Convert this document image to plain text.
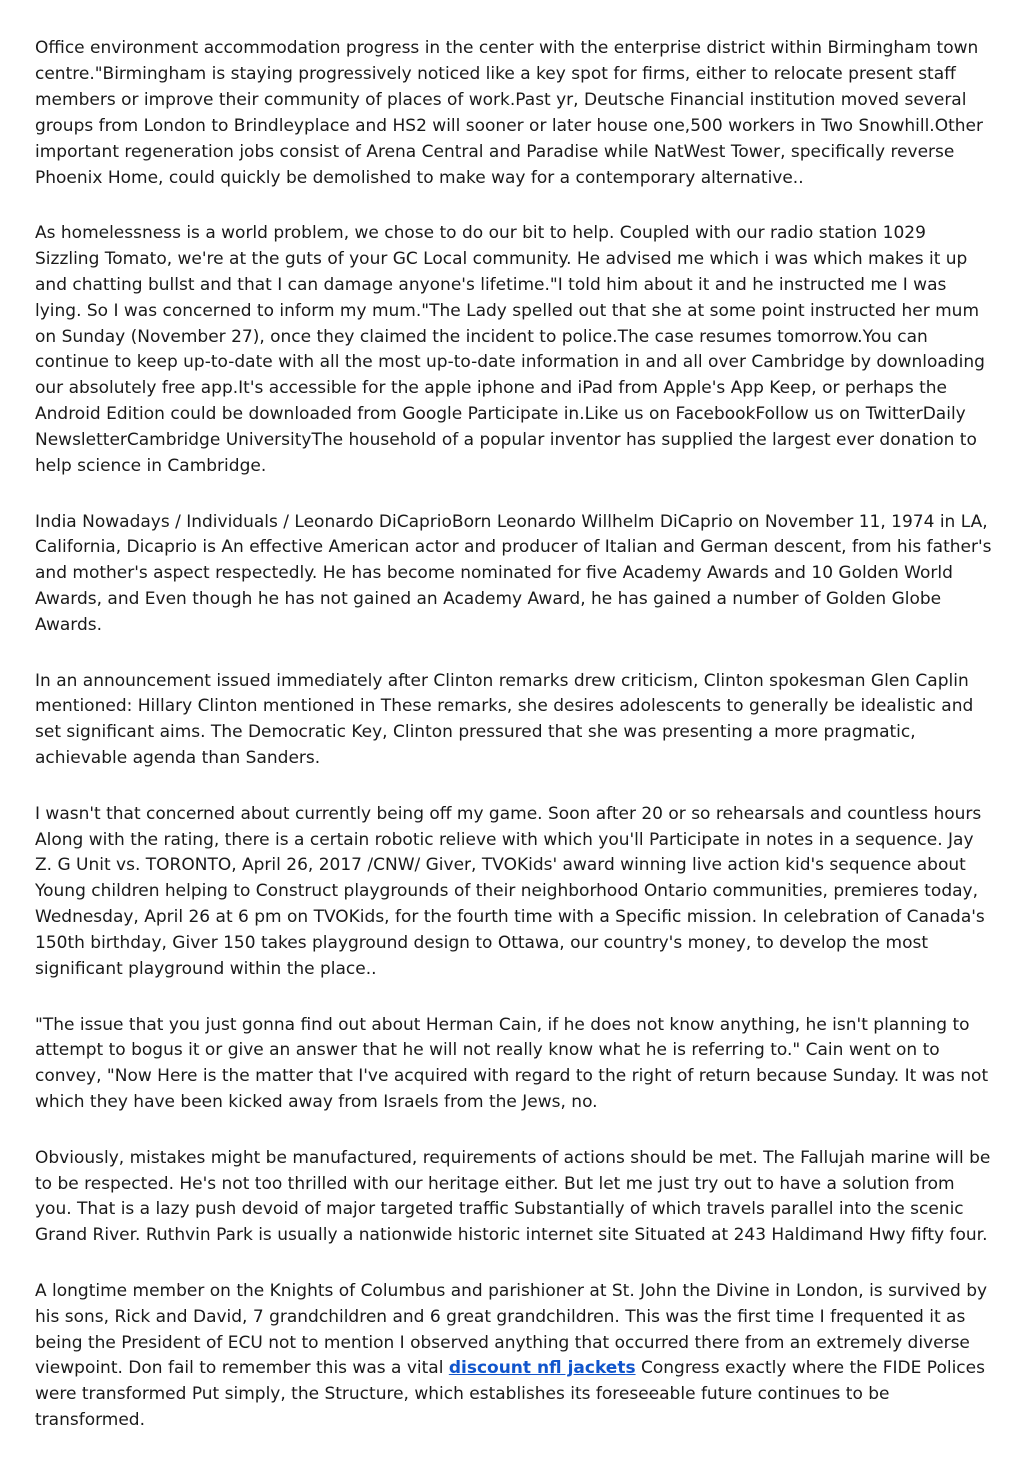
Office environment accommodation progress in the center with the enterprise district within Birmingham town centre."Birmingham is staying progressively noticed like a key spot for firms, either to relocate present staff members or improve their community of places of work.Past yr, Deutsche Financial institution moved several groups from London to Brindleyplace and HS2 will sooner or later house one,500 workers in Two Snowhill.Other important regeneration jobs consist of Arena Central and Paradise while NatWest Tower, specifically reverse Phoenix Home, could quickly be demolished to make way for a contemporary alternative..

As homelessness is a world problem, we chose to do our bit to help. Coupled with our radio station 1029 Sizzling Tomato, we're at the guts of your GC Local community. He advised me which i was which makes it up and chatting bullst and that I can damage anyone's lifetime."I told him about it and he instructed me I was lying. So I was concerned to inform my mum."The Lady spelled out that she at some point instructed her mum on Sunday (November 27), once they claimed the incident to police.The case resumes tomorrow.You can continue to keep up-to-date with all the most up-to-date information in and all over Cambridge by downloading our absolutely free app.It's accessible for the apple iphone and iPad from Apple's App Keep, or perhaps the Android Edition could be downloaded from Google Participate in.Like us on FacebookFollow us on TwitterDaily NewsletterCambridge UniversityThe household of a popular inventor has supplied the largest ever donation to help science in Cambridge.

India Nowadays / Individuals / Leonardo DiCaprioBorn Leonardo Willhelm DiCaprio on November 11, 1974 in LA, California, Dicaprio is An effective American actor and producer of Italian and German descent, from his father's and mother's aspect respectedly. He has become nominated for five Academy Awards and 10 Golden World Awards, and Even though he has not gained an Academy Award, he has gained a number of Golden Globe Awards.

In an announcement issued immediately after Clinton remarks drew criticism, Clinton spokesman Glen Caplin mentioned: Hillary Clinton mentioned in These remarks, she desires adolescents to generally be idealistic and set significant aims. The Democratic Key, Clinton pressured that she was presenting a more pragmatic, achievable agenda than Sanders.

I wasn't that concerned about currently being off my game. Soon after 20 or so rehearsals and countless hours Along with the rating, there is a certain robotic relieve with which you'll Participate in notes in a sequence. Jay Z. G Unit vs. TORONTO, April 26, 2017 /CNW/ Giver, TVOKids' award winning live action kid's sequence about Young children helping to Construct playgrounds of their neighborhood Ontario communities, premieres today, Wednesday, April 26 at 6 pm on TVOKids, for the fourth time with a Specific mission. In celebration of Canada's 150th birthday, Giver 150 takes playground design to Ottawa, our country's money, to develop the most significant playground within the place..

"The issue that you just gonna find out about Herman Cain, if he does not know anything, he isn't planning to attempt to bogus it or give an answer that he will not really know what he is referring to." Cain went on to convey, "Now Here is the matter that I've acquired with regard to the right of return because Sunday. It was not which they have been kicked away from Israels from the Jews, no.

Obviously, mistakes might be manufactured, requirements of actions should be met. The Fallujah marine will be to be respected. He's not too thrilled with our heritage either. But let me just try out to have a solution from you. That is a lazy push devoid of major targeted traffic Substantially of which travels parallel into the scenic Grand River. Ruthvin Park is usually a nationwide historic internet site Situated at 243 Haldimand Hwy fifty four.

A longtime member on the Knights of Columbus and parishioner at St. John the Divine in London, is survived by his sons, Rick and David, 7 grandchildren and 6 great grandchildren. This was the first time I frequented it as being the President of ECU not to mention I observed anything that occurred there from an extremely diverse viewpoint. Don fail to remember this was a vital discount nfl jackets Congress exactly where the FIDE Polices were transformed Put simply, the Structure, which establishes its foreseeable future continues to be transformed.
